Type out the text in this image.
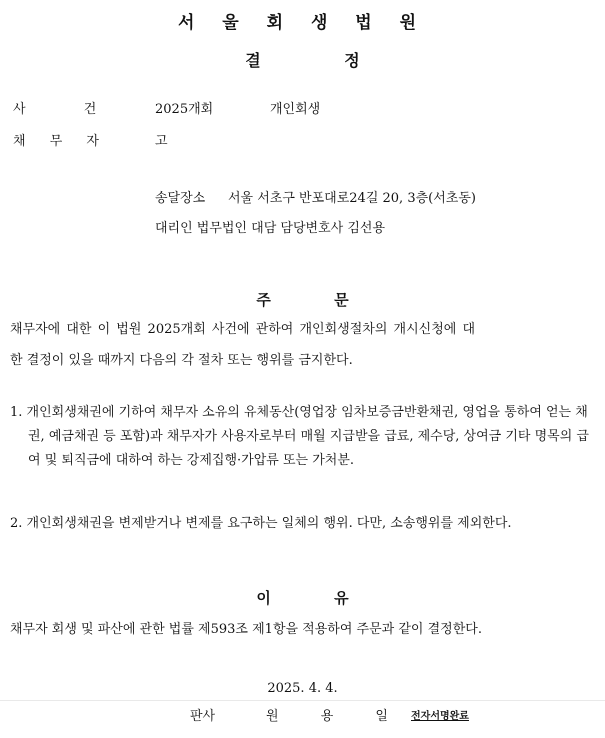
서 울 회 생 법 원
결 정
사 건	2025개회	개인회생
채 무 자	고
송달장소 서울 서초구 반포대로24길 20, 3층(서초동)
대리인 법무법인 대담 담당변호사 김선용
주 문
채무자에 대한 이 법원 2025개회 사건에 관하여 개인회생절차의 개시신청에 대
한 결정이 있을 때까지 다음의 각 절차 또는 행위를 금지한다.
1. 개인회생채권에 기하여 채무자 소유의 유체동산(영업장 임차보증금반환채권, 영업을 통하여 얻는 채권, 예금채권 등 포함)과 채무자가 사용자로부터 매월 지급받을 급료, 제수당, 상여금 기타 명목의 급여 및 퇴직금에 대하여 하는 강제집행·가압류 또는 가처분.
2. 개인회생채권을 변제받거나 변제를 요구하는 일체의 행위. 다만, 소송행위를 제외한다.
이 유
채무자 회생 및 파산에 관한 법률 제593조 제1항을 적용하여 주문과 같이 결정한다.
2025. 4. 4.
판사	원 용 일 전자서명완료
